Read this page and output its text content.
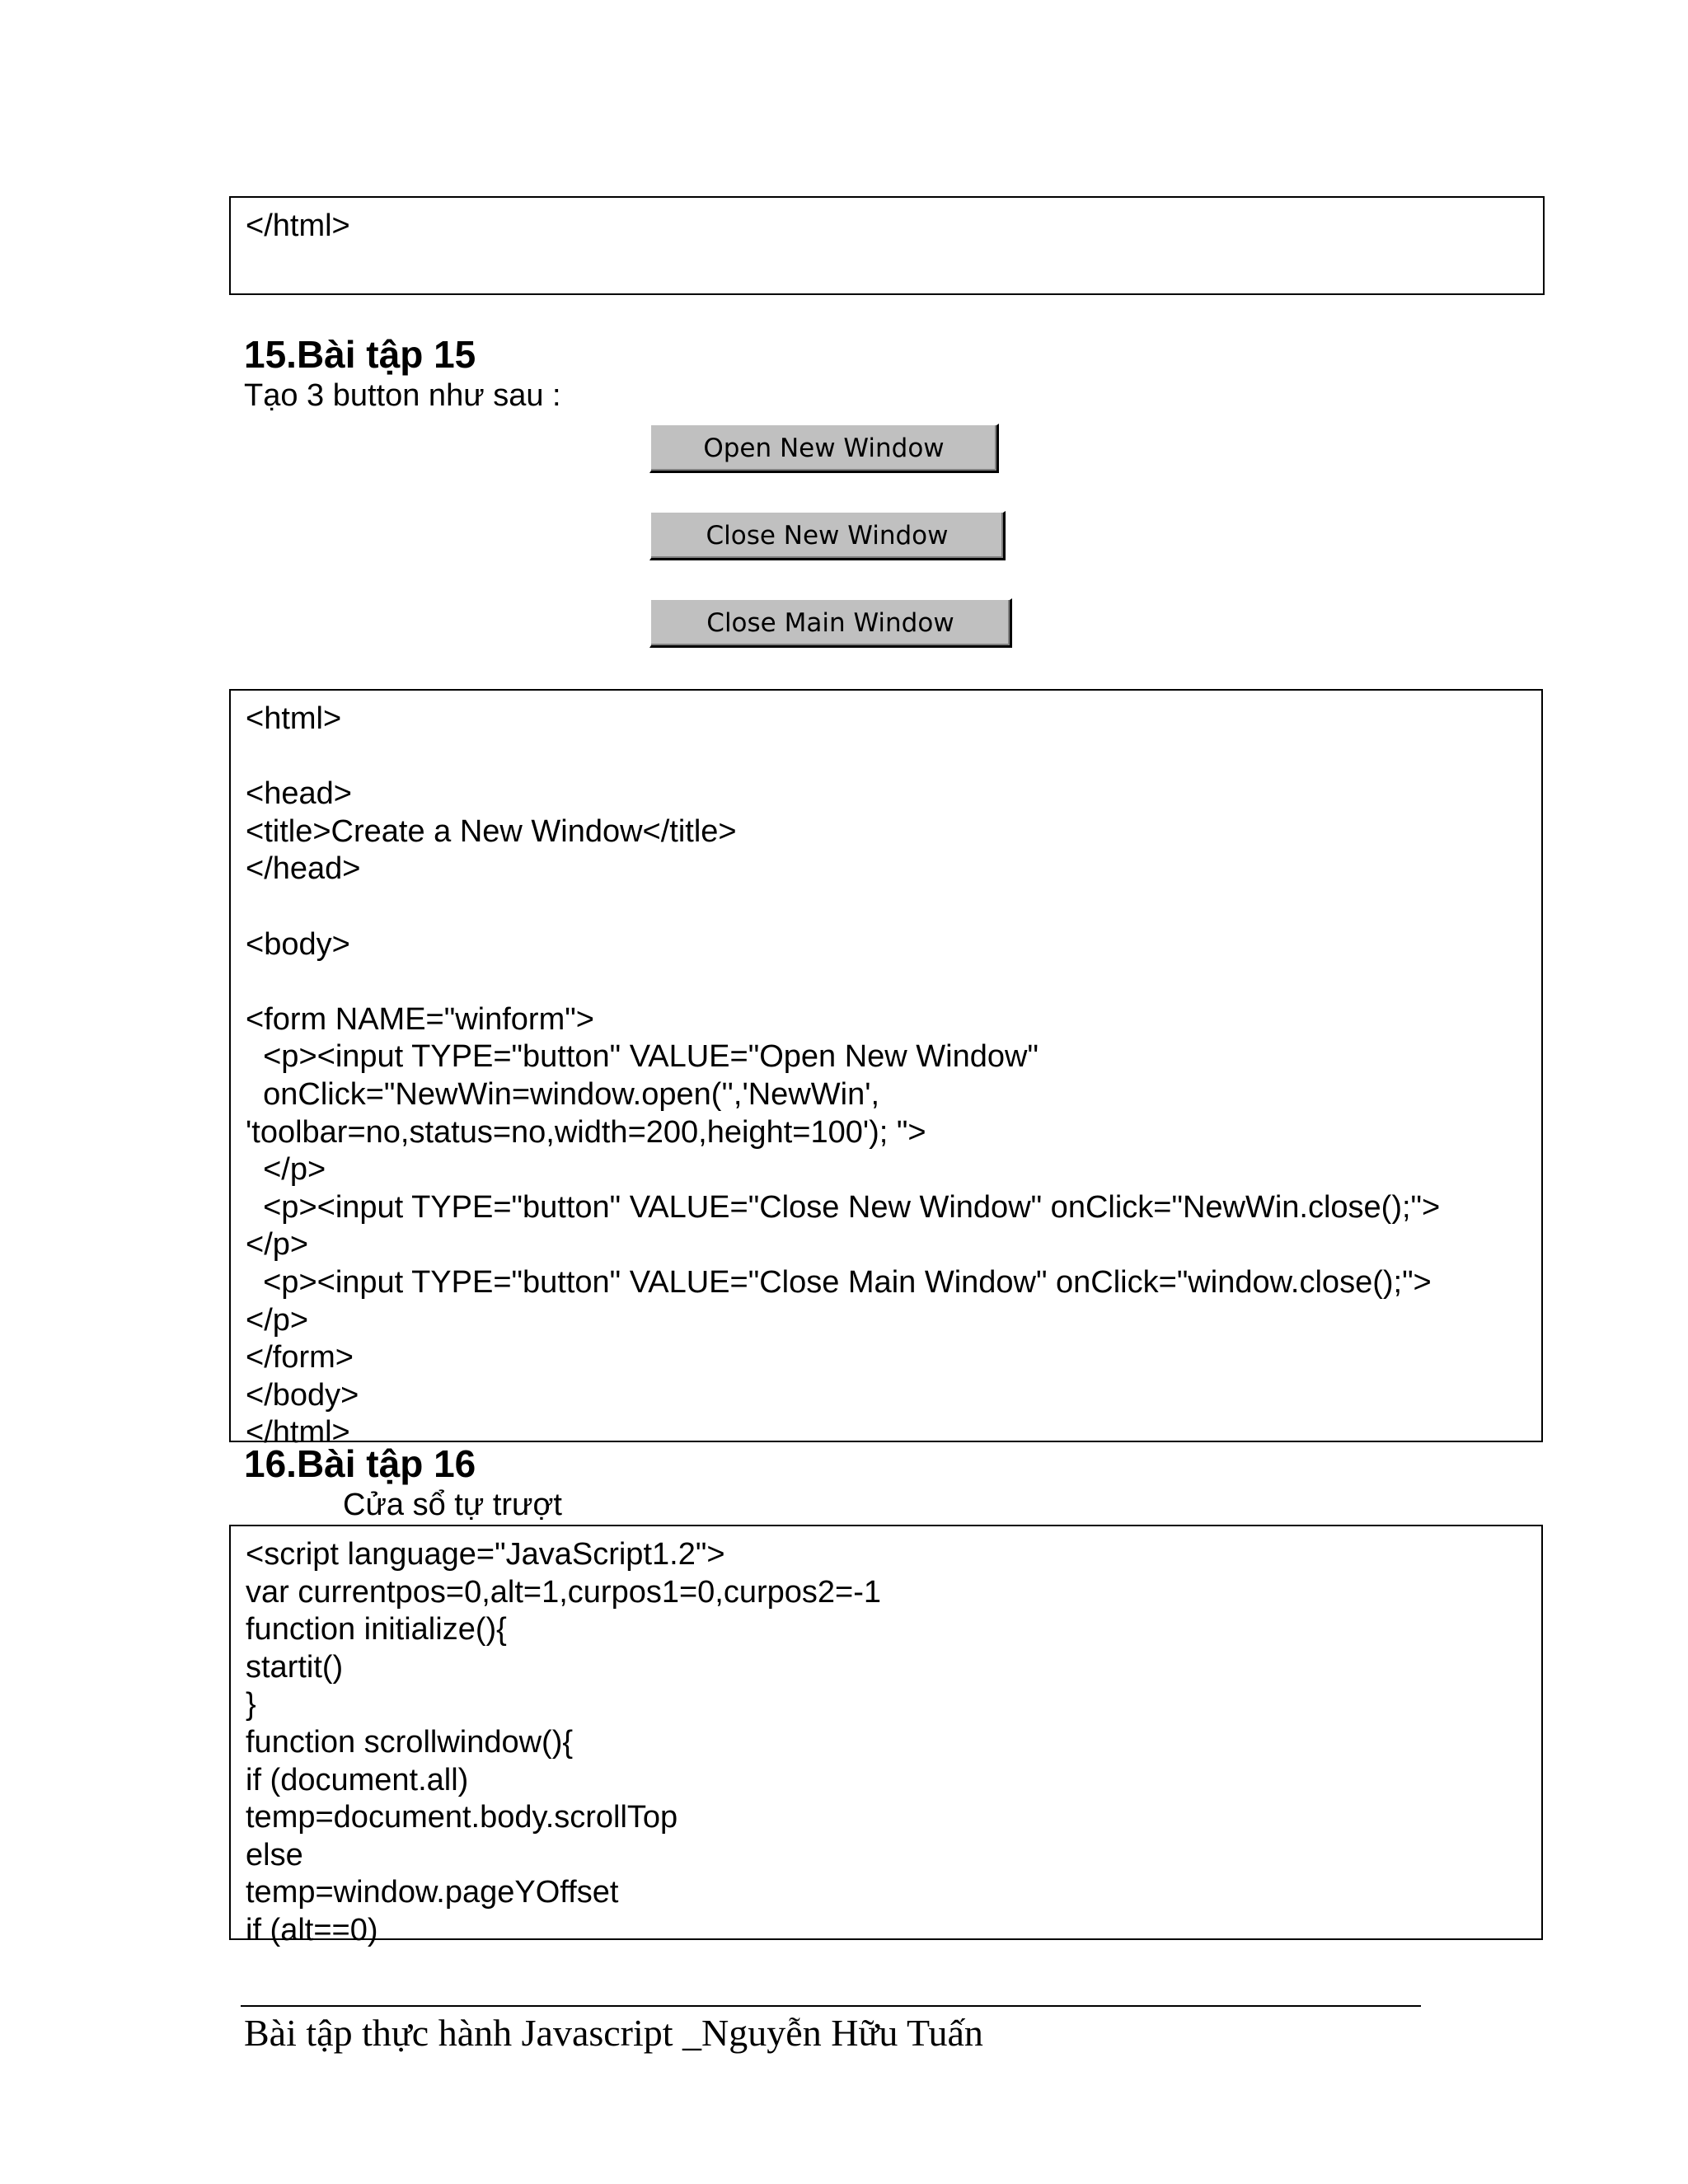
</html>
15.Bài tập 15
Tạo 3 button như sau :
Open New Window
Close New Window
Close Main Window
<html>
<head>
<title>Create a New Window</title>
</head>
<body>
<form NAME="winform">
<p><input TYPE="button" VALUE="Open New Window"
onClick="NewWin=window.open('','NewWin',
'toolbar=no,status=no,width=200,height=100'); ">
</p>
<p><input TYPE="button" VALUE="Close New Window" onClick="NewWin.close();">
</p>
<p><input TYPE="button" VALUE="Close Main Window" onClick="window.close();">
</p>
</form>
</body>
</html>
16.Bài tập 16
Cửa sổ tự trượt
<script language="JavaScript1.2">
var currentpos=0,alt=1,curpos1=0,curpos2=-1
function initialize(){
startit()
}
function scrollwindow(){
if (document.all)
temp=document.body.scrollTop
else
temp=window.pageYOffset
if (alt==0)
Bài tập thực hành Javascript _Nguyễn Hữu Tuấn
